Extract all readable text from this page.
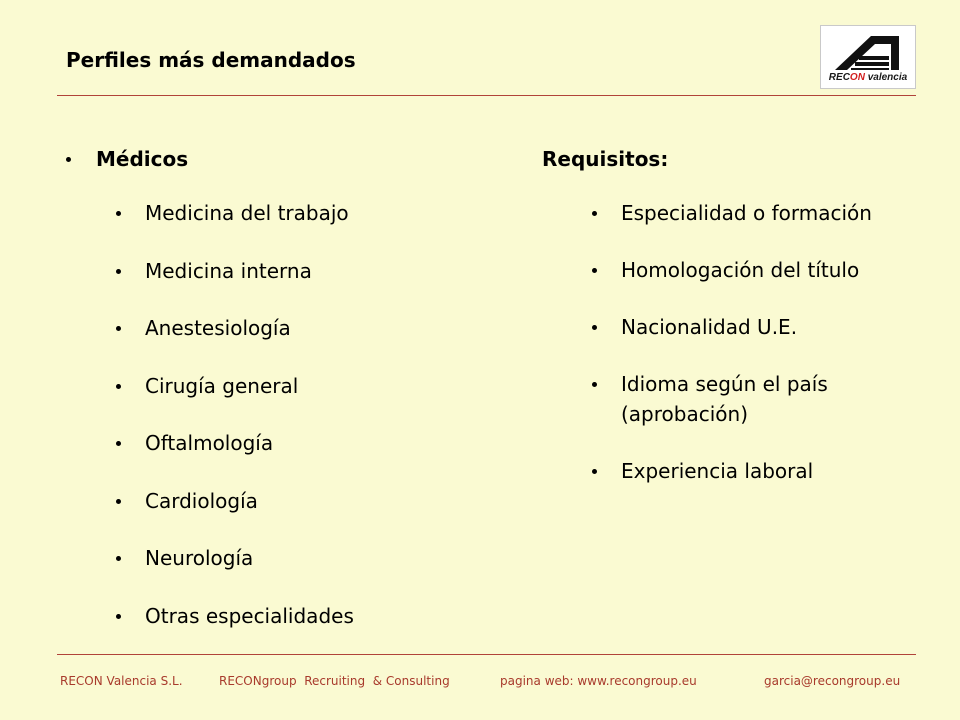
Perfiles más demandados
RECON valencia
Médicos	Requisitos:
Medicina del trabajo
Medicina interna
Anestesiología
Cirugía general
Oftalmología
Cardiología
Neurología
Otras especialidades
Especialidad o formación
Homologación del título
Nacionalidad U.E.
Idioma según el país
(aprobación)
Experiencia laboral
RECON Valencia S.L.	RECONgroup  Recruiting  & Consulting	pagina web: www.recongroup.eu	garcia@recongroup.eu
